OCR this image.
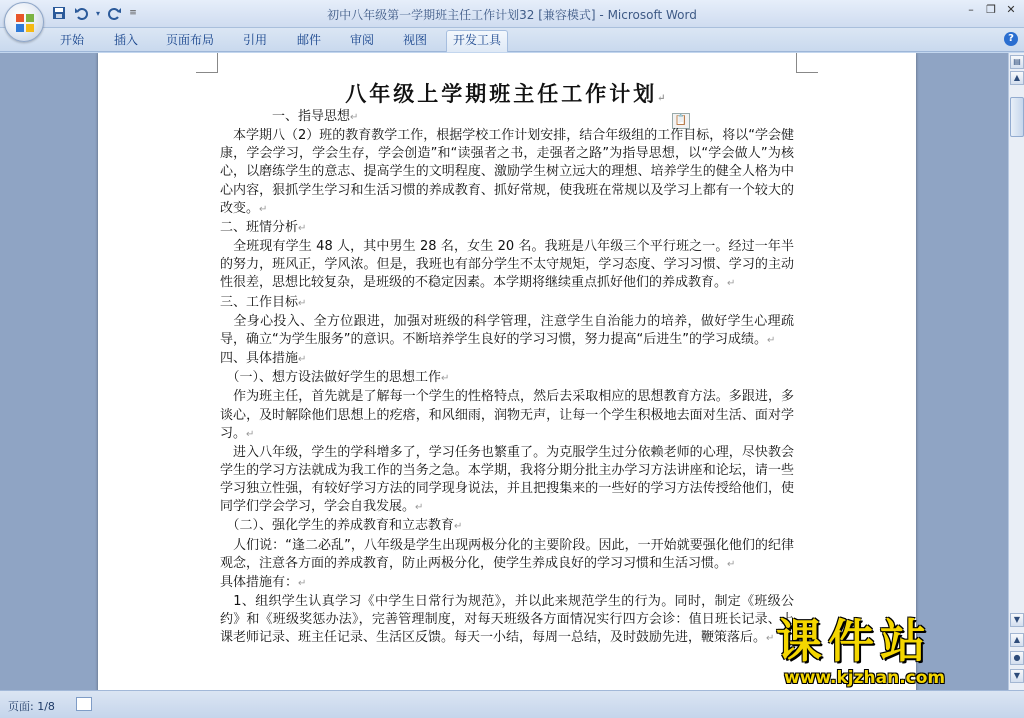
▾	≡	初中八年级第一学期班主任工作计划32 [兼容模式] - Microsoft Word	–	❐ ✕
开始	插入	页面布局	引用	邮件	审阅	视图	开发工具	?
八年级上学期班主任工作计划↵
📋

　　　　一、指导思想↵

　本学期八（2）班的教育教学工作，根据学校工作计划安排，结合年级组的工作目标，将以“学会健康，学会学习，学会生存，学会创造”和“读强者之书，走强者之路”为指导思想，以“学会做人”为核心，以磨练学生的意志、提高学生的文明程度、激励学生树立远大的理想、培养学生的健全人格为中心内容，狠抓学生学习和生活习惯的养成教育、抓好常规，使我班在常规以及学习上都有一个较大的改变。↵

二、班情分析↵

　全班现有学生 48 人，其中男生 28 名，女生 20 名。我班是八年级三个平行班之一。经过一年半的努力，班风正，学风浓。但是，我班也有部分学生不太守规矩，学习态度、学习习惯、学习的主动性很差，思想比较复杂，是班级的不稳定因素。本学期将继续重点抓好他们的养成教育。↵

三、工作目标↵

　全身心投入、全方位跟进，加强对班级的科学管理，注意学生自治能力的培养，做好学生心理疏导，确立“为学生服务”的意识。不断培养学生良好的学习习惯，努力提高“后进生”的学习成绩。↵

四、具体措施↵

　（一）、想方设法做好学生的思想工作↵

　作为班主任，首先就是了解每一个学生的性格特点，然后去采取相应的思想教育方法。多跟进，多谈心，及时解除他们思想上的疙瘩，和风细雨，润物无声，让每一个学生积极地去面对生活、面对学习。↵

　进入八年级，学生的学科增多了，学习任务也繁重了。为克服学生过分依赖老师的心理，尽快教会学生的学习方法就成为我工作的当务之急。本学期，我将分期分批主办学习方法讲座和论坛，请一些学习独立性强，有较好学习方法的同学现身说法，并且把搜集来的一些好的学习方法传授给他们，使同学们学会学习，学会自我发展。↵

　（二）、强化学生的养成教育和立志教育↵

　人们说：“逢二必乱”，八年级是学生出现两极分化的主要阶段。因此，一开始就要强化他们的纪律观念，注意各方面的养成教育，防止两极分化，使学生养成良好的学习习惯和生活习惯。↵

具体措施有：↵

　1、组织学生认真学习《中学生日常行为规范》，并以此来规范学生的行为。同时，制定《班级公约》和《班级奖惩办法》，完善管理制度，对每天班级各方面情况实行四方会诊：值日班长记录、上课老师记录、班主任记录、生活区反馈。每天一小结，每周一总结，及时鼓励先进，鞭策落后。↵

▤
▲
▼
▲
●
▼
页面: 1/8
课件站
www.kjzhan.com
